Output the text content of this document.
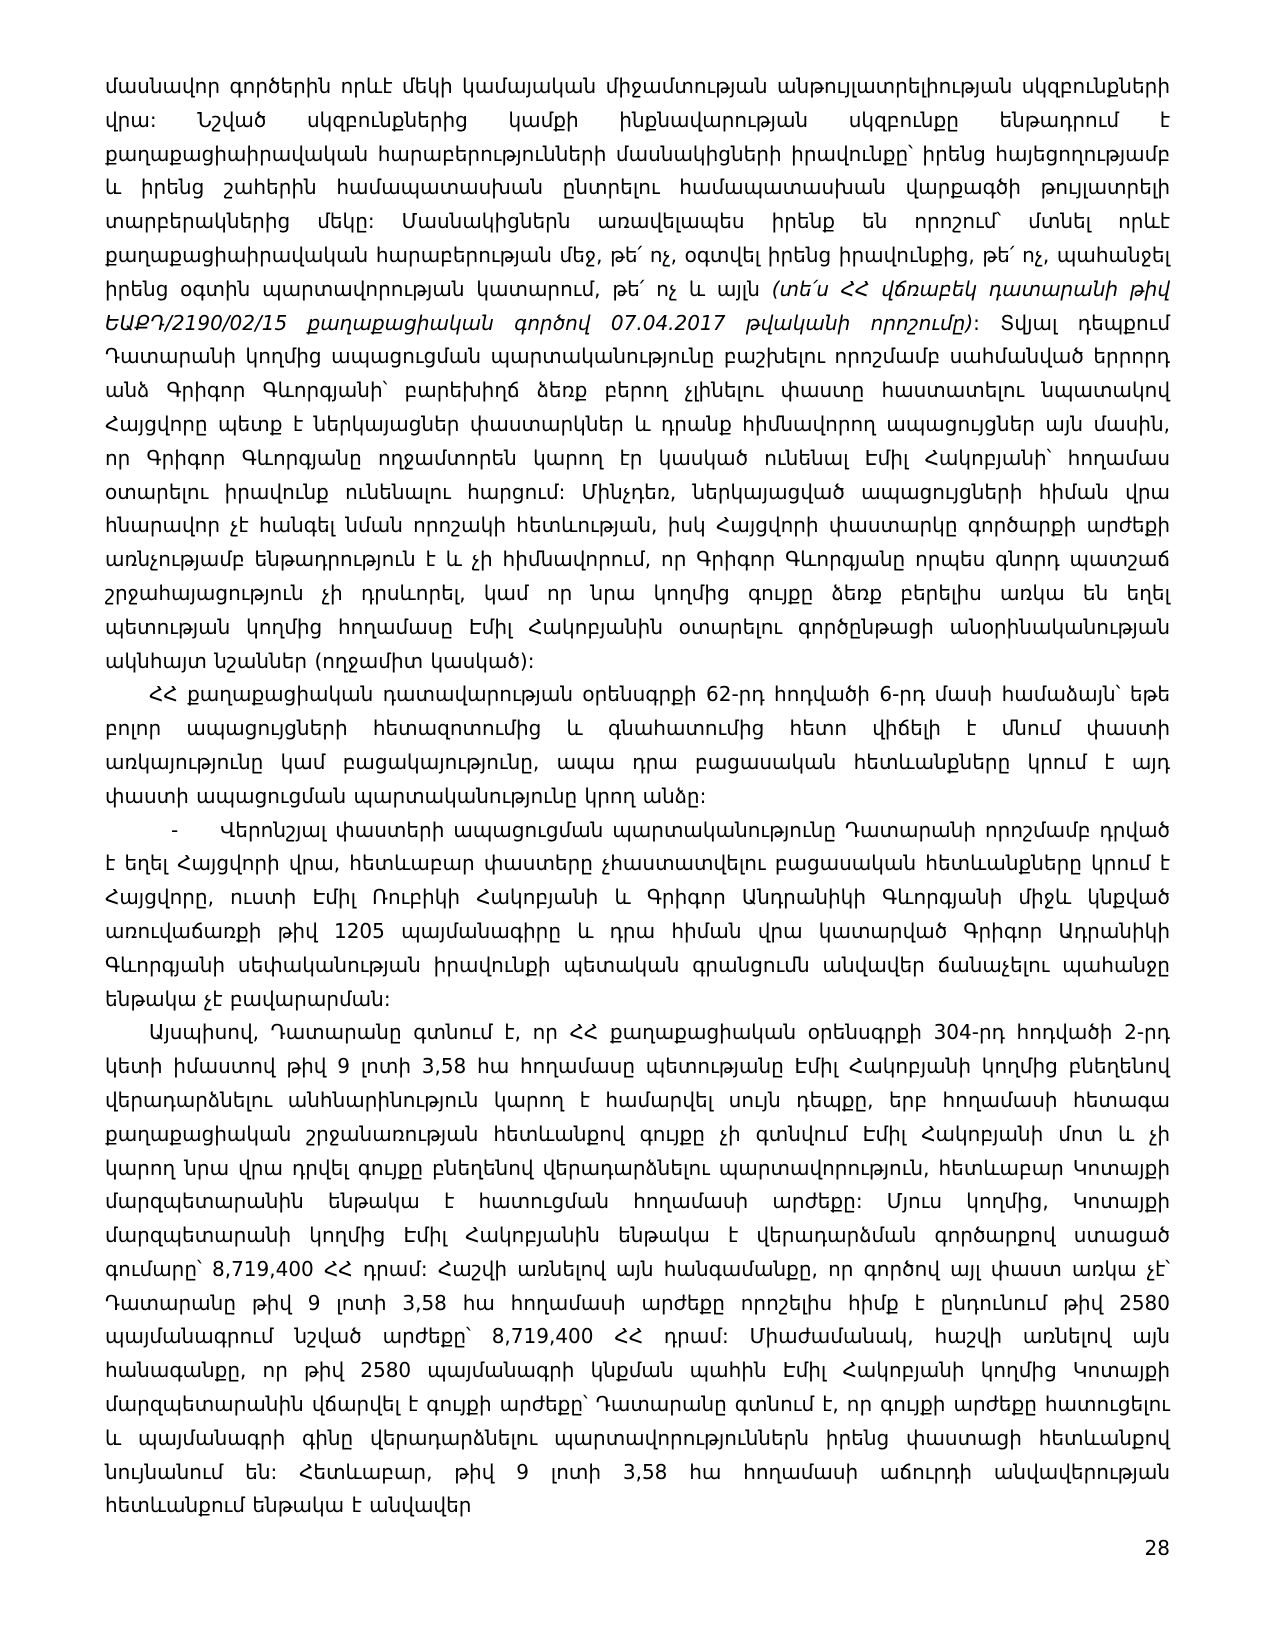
մասնավոր գործերին որևէ մեկի կամայական միջամտության անթույլատրելիության սկզբունքների վրա: Նշված սկզբունքներից կամքի ինքնավարության սկզբունքը ենթադրում է քաղաքացիաիրավական հարաբերությունների մասնակիցների իրավունքը՝ իրենց հայեցողությամբ և իրենց շահերին համապատասխան ընտրելու համապատասխան վարքագծի թույլատրելի տարբերակներից մեկը: Մասնակիցներն առավելապես իրենք են որոշում՝ մտնել որևէ քաղաքացիաիրավական հարաբերության մեջ, թե՛ ոչ, օգտվել իրենց իրավունքից, թե՛ ոչ, պահանջել իրենց օգտին պարտավորության կատարում, թե՛ ոչ և այլն (տե՛ս ՀՀ վճռաբեկ դատարանի թիվ ԵԱՔԴ/2190/02/15 քաղաքացիական գործով 07.04.2017 թվականի որոշումը): Տվյալ դեպքում Դատարանի կողմից ապացուցման պարտականությունը բաշխելու որոշմամբ սահմանված երրորդ անձ Գրիգոր Գևորգյանի՝ բարեխիղճ ձեռք բերող չլինելու փաստը հաստատելու նպատակով Հայցվորը պետք է ներկայացներ փաստարկներ և դրանք հիմնավորող ապացույցներ այն մասին, որ Գրիգոր Գևորգյանը ողջամտորեն կարող էր կասկած ունենալ Էմիլ Հակոբյանի՝ հողամաս օտարելու իրավունք ունենալու հարցում: Մինչդեռ, ներկայացված ապացույցների հիման վրա հնարավոր չէ հանգել նման որոշակի հետևության, իսկ Հայցվորի փաստարկը գործարքի արժեքի առնչությամբ ենթադրություն է և չի հիմնավորում, որ Գրիգոր Գևորգյանը որպես գնորդ պատշաճ շրջահայացություն չի դրսևորել, կամ որ նրա կողմից գույքը ձեռք բերելիս առկա են եղել պետության կողմից հողամասը Էմիլ Հակոբյանին օտարելու գործընթացի անօրինականության ակնհայտ նշաններ (ողջամիտ կասկած):

ՀՀ քաղաքացիական դատավարության օրենսգրքի 62-րդ հոդվածի 6-րդ մասի համաձայն՝ եթե բոլոր ապացույցների հետազոտումից և գնահատումից հետո վիճելի է մնում փաստի առկայությունը կամ բացակայությունը, ապա դրա բացասական հետևանքները կրում է այդ փաստի ապացուցման պարտականությունը կրող անձը:

- Վերոնշյալ փաստերի ապացուցման պարտականությունը Դատարանի որոշմամբ դրված է եղել Հայցվորի վրա, հետևաբար փաստերը չհաստատվելու բացասական հետևանքները կրում է Հայցվորը, ուստի Էմիլ Ռուբիկի Հակոբյանի և Գրիգոր Անդրանիկի Գևորգյանի միջև կնքված առուվաճառքի թիվ 1205 պայմանագիրը և դրա հիման վրա կատարված Գրիգոր Ադրանիկի Գևորգյանի սեփականության իրավունքի պետական գրանցումն անվավեր ճանաչելու պահանջը ենթակա չէ բավարարման:

Այսպիսով, Դատարանը գտնում է, որ ՀՀ քաղաքացիական օրենսգրքի 304-րդ հոդվածի 2-րդ կետի իմաստով թիվ 9 լոտի 3,58 հա հողամասը պետությանը Էմիլ Հակոբյանի կողմից բնեղենով վերադարձնելու անհնարինություն կարող է համարվել սույն դեպքը, երբ հողամասի հետագա քաղաքացիական շրջանառության հետևանքով գույքը չի գտնվում Էմիլ Հակոբյանի մոտ և չի կարող նրա վրա դրվել գույքը բնեղենով վերադարձնելու պարտավորություն, հետևաբար Կոտայքի մարզպետարանին ենթակա է հատուցման հողամասի արժեքը: Մյուս կողմից, Կոտայքի մարզպետարանի կողմից Էմիլ Հակոբյանին ենթակա է վերադարձման գործարքով ստացած գումարը՝ 8,719,400 ՀՀ դրամ: Հաշվի առնելով այն հանգամանքը, որ գործով այլ փաստ առկա չէ՝ Դատարանը թիվ 9 լոտի 3,58 հա հողամասի արժեքը որոշելիս հիմք է ընդունում թիվ 2580 պայմանագրում նշված արժեքը՝ 8,719,400 ՀՀ դրամ: Միաժամանակ, հաշվի առնելով այն հանագանքը, որ թիվ 2580 պայմանագրի կնքման պահին Էմիլ Հակոբյանի կողմից Կոտայքի մարզպետարանին վճարվել է գույքի արժեքը՝ Դատարանը գտնում է, որ գույքի արժեքը հատուցելու և պայմանագրի գինը վերադարձնելու պարտավորություններն իրենց փաստացի հետևանքով նույնանում են: Հետևաբար, թիվ 9 լոտի 3,58 հա հողամասի աճուրդի անվավերության հետևանքում ենթակա է անվավեր

28
